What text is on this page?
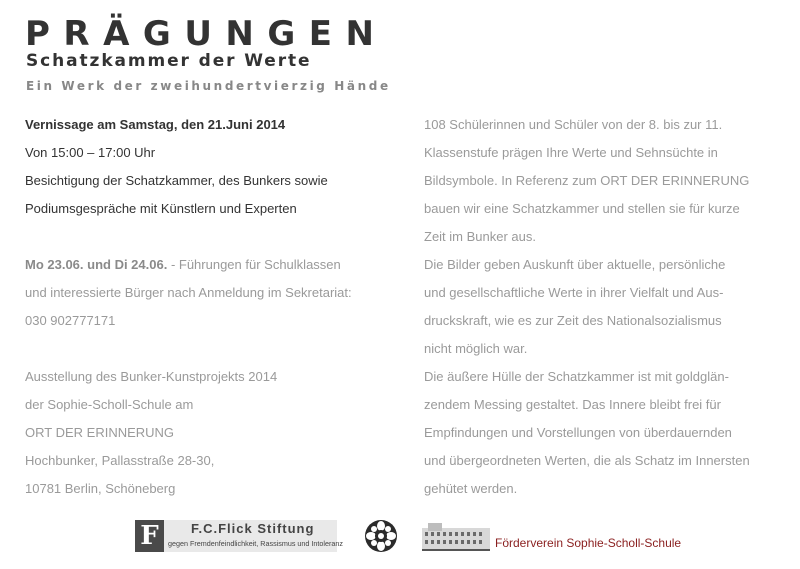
PRÄGUNGEN
Schatzkammer der Werte
Ein Werk der zweihundertvierzig Hände
Vernissage am Samstag, den 21.Juni 2014
Von 15:00 – 17:00 Uhr
Besichtigung der Schatzkammer, des Bunkers sowie
Podiumsgespräche mit Künstlern und Experten
Mo 23.06. und Di 24.06. - Führungen für Schulklassen
und interessierte Bürger nach Anmeldung im Sekretariat:
030 902777171
Ausstellung des Bunker-Kunstprojekts 2014
der Sophie-Scholl-Schule am
ORT DER ERINNERUNG
Hochbunker, Pallasstraße 28-30,
10781 Berlin, Schöneberg
108 Schülerinnen und Schüler von der 8. bis zur 11.
Klassenstufe prägen Ihre Werte und Sehnsüchte in
Bildsymbole. In Referenz zum ORT DER ERINNERUNG
bauen wir eine Schatzkammer und stellen sie für kurze
Zeit im Bunker aus.
Die Bilder geben Auskunft über aktuelle, persönliche
und gesellschaftliche Werte in ihrer Vielfalt und Aus-
druckskraft, wie es zur Zeit des Nationalsozialismus
nicht möglich war.
Die äußere Hülle der Schatzkammer ist mit goldglän-
zendem Messing gestaltet. Das Innere bleibt frei für
Empfindungen und Vorstellungen von überdauernden
und übergeordneten Werten, die als Schatz im Innersten
gehütet werden.
F	F.C.Flick Stiftung
gegen Fremdenfeindlichkeit, Rassismus und Intoleranz	Förderverein Sophie-Scholl-Schule
